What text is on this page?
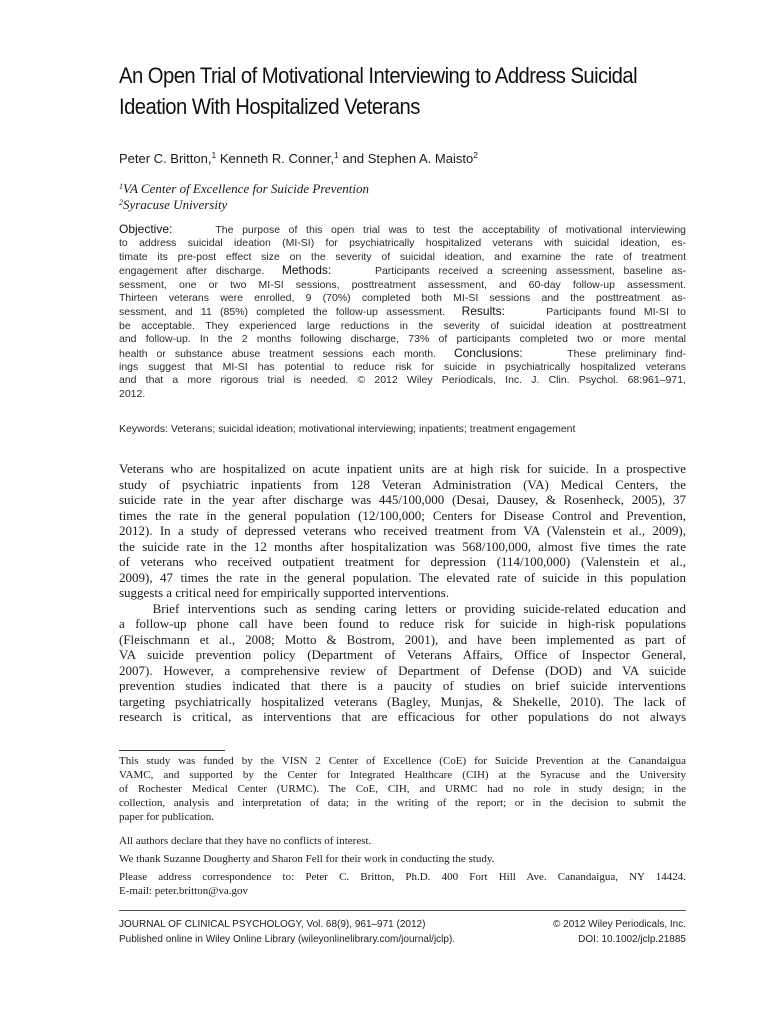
An Open Trial of Motivational Interviewing to Address Suicidal
Ideation With Hospitalized Veterans
Peter C. Britton,$^1$ Kenneth R. Conner,$^1$ and Stephen A. Maisto$^2$
$^1$VA Center of Excellence for Suicide Prevention
$^2$Syracuse University
Objective:	The purpose of this open trial was to test the acceptability of motivational interviewing
to address suicidal ideation (MI-SI) for psychiatrically hospitalized veterans with suicidal ideation, es-
timate its pre-post effect size on the severity of suicidal ideation, and examine the rate of treatment
engagement after discharge. Methods:	Participants received a screening assessment, baseline as-
sessment, one or two MI-SI sessions, posttreatment assessment, and 60-day follow-up assessment.
Thirteen veterans were enrolled, 9 (70%) completed both MI-SI sessions and the posttreatment as-
sessment, and 11 (85%) completed the follow-up assessment. Results:	Participants found MI-SI to
be acceptable. They experienced large reductions in the severity of suicidal ideation at posttreatment
and follow-up. In the 2 months following discharge, 73% of participants completed two or more mental
health or substance abuse treatment sessions each month. Conclusions:	These preliminary find-
ings suggest that MI-SI has potential to reduce risk for suicide in psychiatrically hospitalized veterans
and that a more rigorous trial is needed. © 2012 Wiley Periodicals, Inc. J. Clin. Psychol. 68:961–971,
2012.
Keywords: Veterans; suicidal ideation; motivational interviewing; inpatients; treatment engagement
Veterans who are hospitalized on acute inpatient units are at high risk for suicide. In a prospective
study of psychiatric inpatients from 128 Veteran Administration (VA) Medical Centers, the
suicide rate in the year after discharge was 445/100,000 (Desai, Dausey, & Rosenheck, 2005), 37
times the rate in the general population (12/100,000; Centers for Disease Control and Prevention,
2012). In a study of depressed veterans who received treatment from VA (Valenstein et al., 2009),
the suicide rate in the 12 months after hospitalization was 568/100,000, almost five times the rate
of veterans who received outpatient treatment for depression (114/100,000) (Valenstein et al.,
2009), 47 times the rate in the general population. The elevated rate of suicide in this population
suggests a critical need for empirically supported interventions.
Brief interventions such as sending caring letters or providing suicide-related education and
a follow-up phone call have been found to reduce risk for suicide in high-risk populations
(Fleischmann et al., 2008; Motto & Bostrom, 2001), and have been implemented as part of
VA suicide prevention policy (Department of Veterans Affairs, Office of Inspector General,
2007). However, a comprehensive review of Department of Defense (DOD) and VA suicide
prevention studies indicated that there is a paucity of studies on brief suicide interventions
targeting psychiatrically hospitalized veterans (Bagley, Munjas, & Shekelle, 2010). The lack of
research is critical, as interventions that are efficacious for other populations do not always
This study was funded by the VISN 2 Center of Excellence (CoE) for Suicide Prevention at the Canandaigua
VAMC, and supported by the Center for Integrated Healthcare (CIH) at the Syracuse and the University
of Rochester Medical Center (URMC). The CoE, CIH, and URMC had no role in study design; in the
collection, analysis and interpretation of data; in the writing of the report; or in the decision to submit the
paper for publication.
All authors declare that they have no conflicts of interest.
We thank Suzanne Dougherty and Sharon Fell for their work in conducting the study.
Please address correspondence to: Peter C. Britton, Ph.D. 400 Fort Hill Ave. Canandaigua, NY 14424.
E-mail: peter.britton@va.gov
JOURNAL OF CLINICAL PSYCHOLOGY, Vol. 68(9), 961–971 (2012)	© 2012 Wiley Periodicals, Inc.
Published online in Wiley Online Library (wileyonlinelibrary.com/journal/jclp).	DOI: 10.1002/jclp.21885
